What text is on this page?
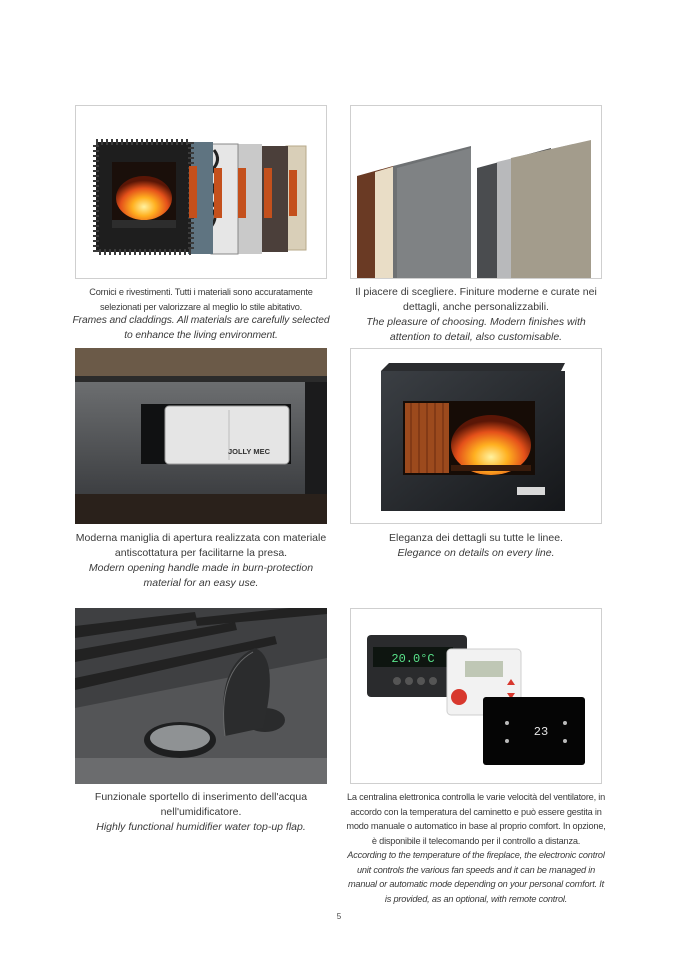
Cornici e rivestimenti. Tutti i materiali sono accuratamente selezionati per valorizzare al meglio lo stile abitativo.

Frames and claddings. All materials are carefully selected to enhance the living environment.

Il piacere di scegliere. Finiture moderne e curate nei dettagli, anche personalizzabili.

The pleasure of choosing. Modern finishes with attention to detail, also customisable.

JOLLY MEC

Moderna maniglia di apertura realizzata con materiale antiscottatura per facilitarne la presa.

Modern opening handle made in burn-protection material for an easy use.

Eleganza dei dettagli su tutte le linee.

Elegance on details on every line.

Funzionale sportello di inserimento dell'acqua nell'umidificatore.

Highly functional humidifier water top-up flap.

20.0°C
23

La centralina elettronica controlla le varie velocità del ventilatore, in accordo con la temperatura del caminetto e può essere gestita in modo manuale o automatico in base al proprio comfort. In opzione, è disponibile il telecomando per il controllo a distanza.

According to the temperature of the fireplace, the electronic control unit controls the various fan speeds and it can be managed in manual or automatic mode depending on your personal comfort. It is provided, as an optional, with remote control.

5
